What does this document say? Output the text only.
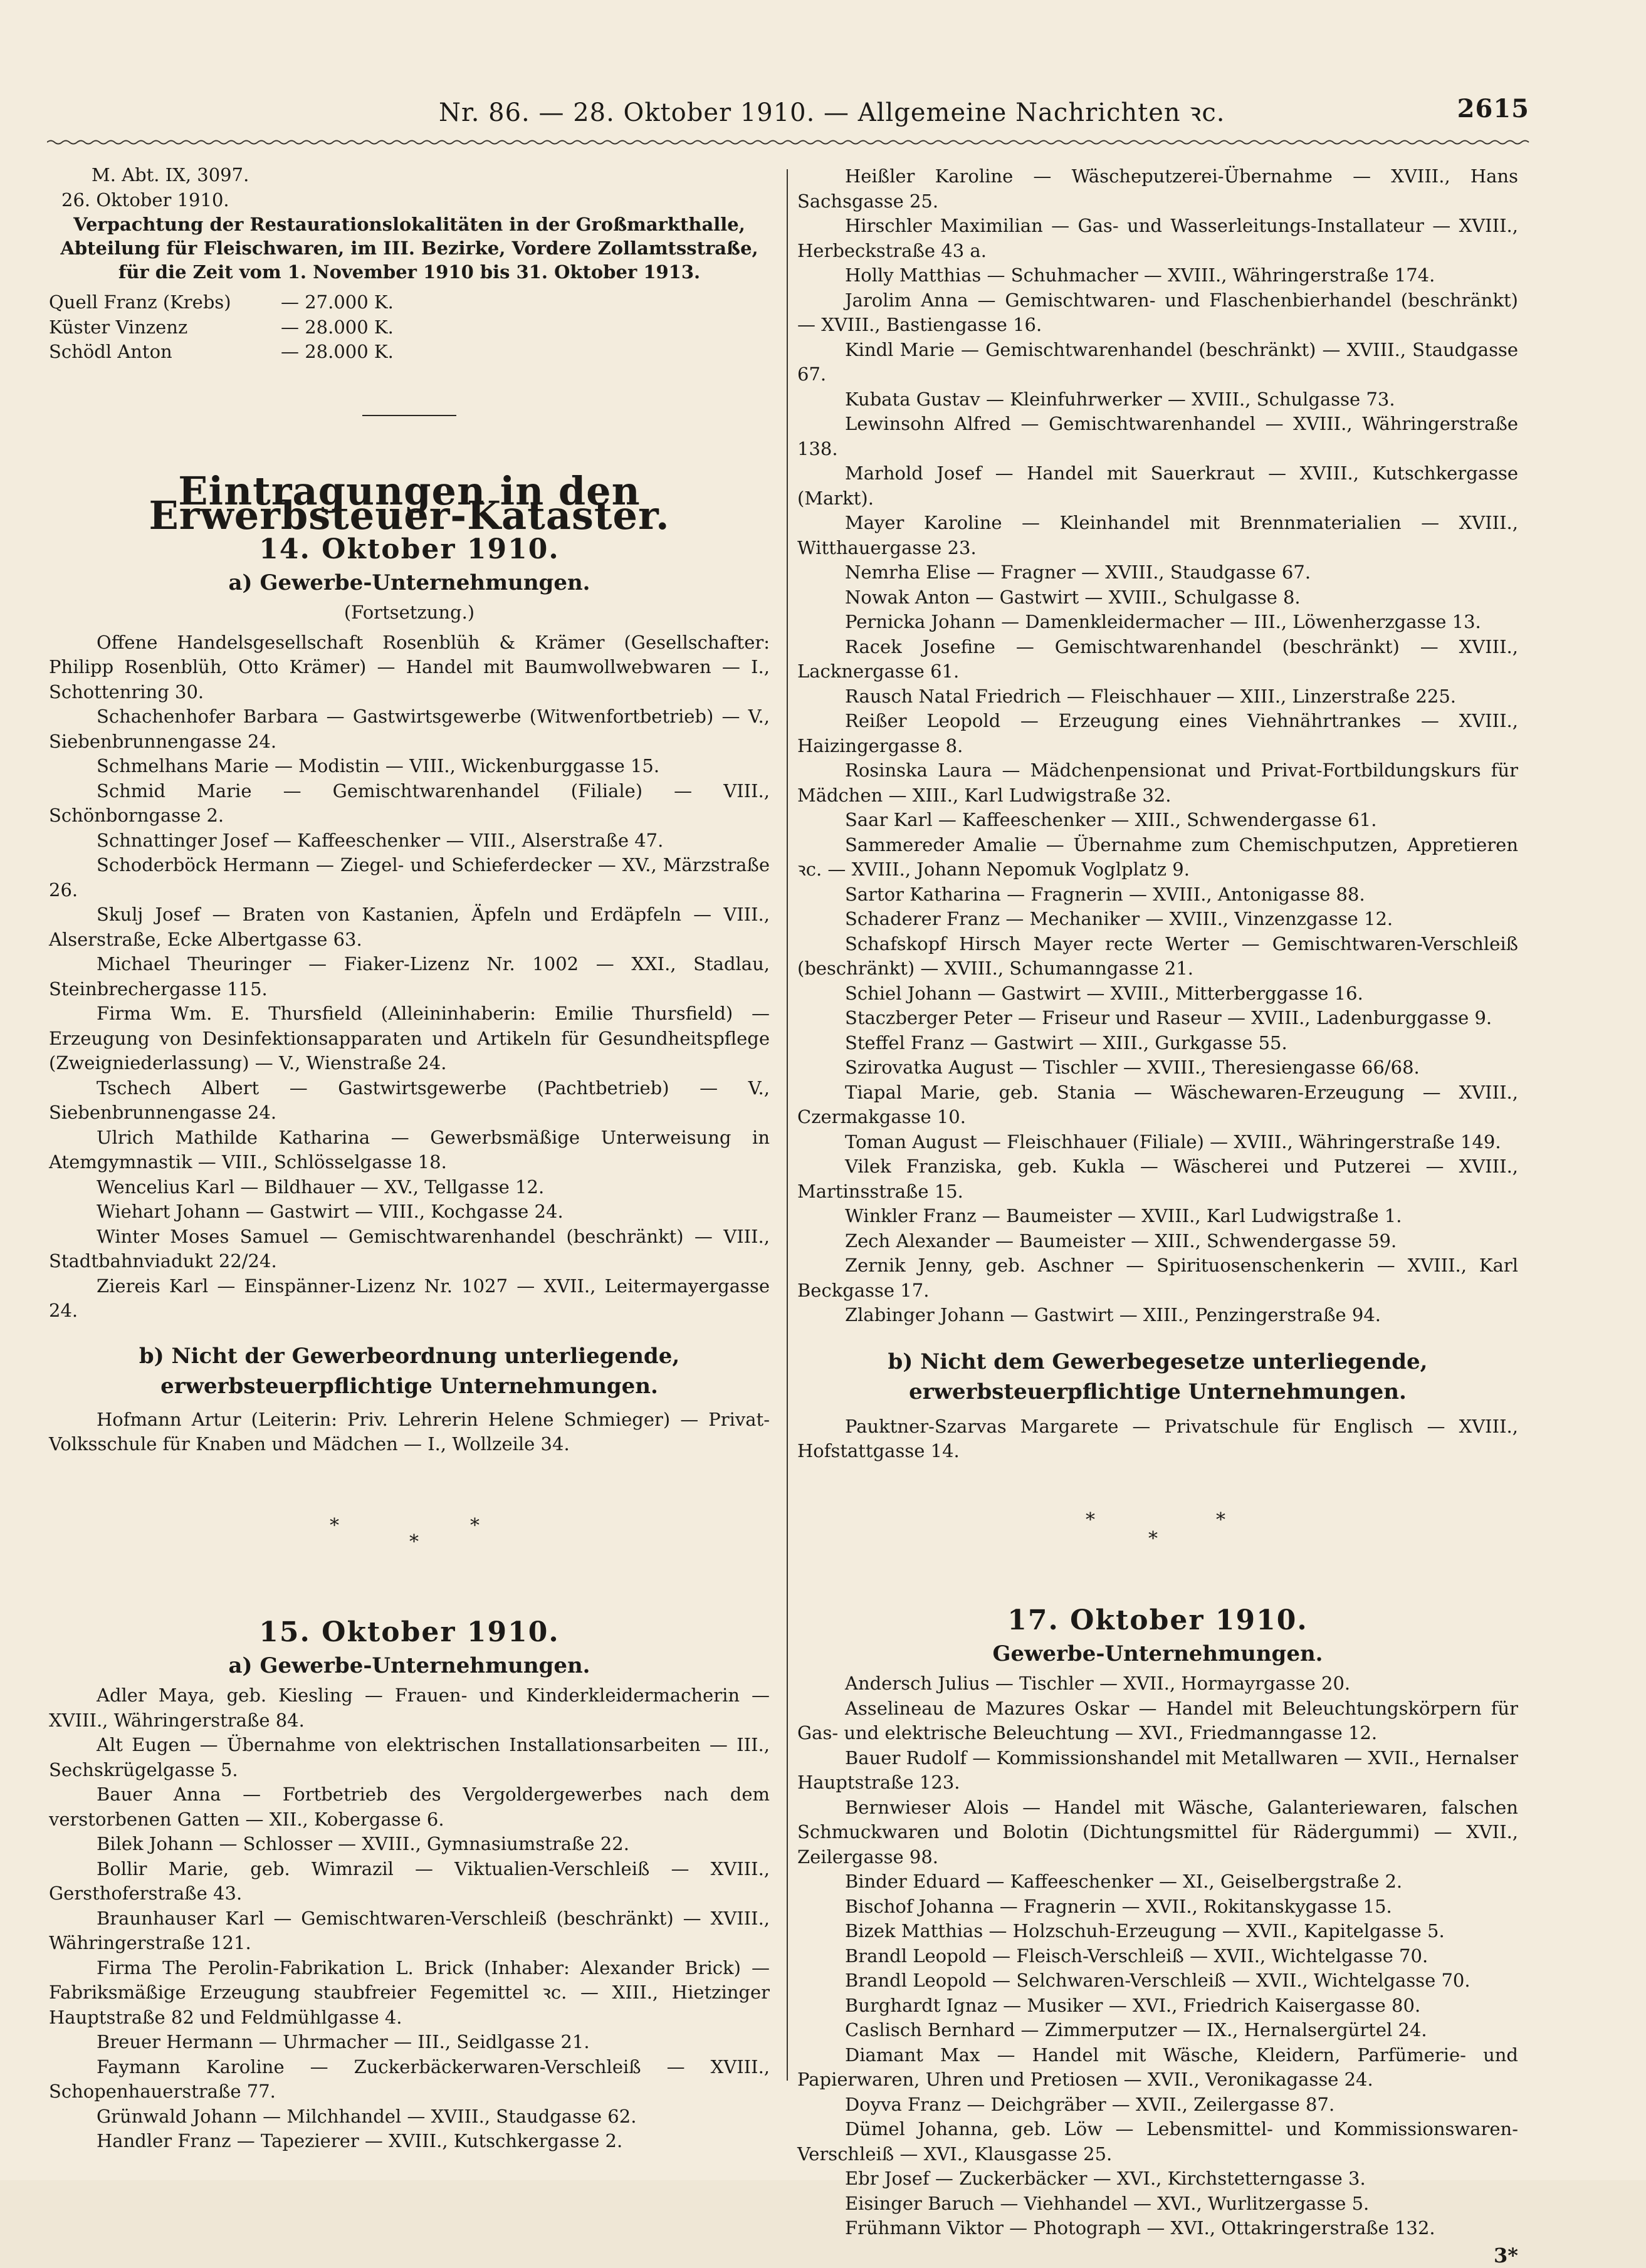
Nr. 86. — 28. Oktober 1910. — Allgemeine Nachrichten ꝛc.	2615

M. Abt. IX, 3097.

26. Oktober 1910.

Verpachtung der Restaurationslokalitäten in der Großmarkthalle, Abteilung für Fleischwaren, im III. Bezirke, Vordere Zollamtsstraße, für die Zeit vom 1. November 1910 bis 31. Oktober 1913.

Quell Franz (Krebs)	— 27.000 K.
Küster Vinzenz	— 28.000 K.
Schödl Anton	— 28.000 K.
Eintragungen in den Erwerbsteuer-Kataster.
14. Oktober 1910.
a) Gewerbe-Unternehmungen.
(Fortsetzung.)

Offene Handelsgesellschaft Rosenblüh & Krämer (Gesellschafter: Philipp Rosenblüh, Otto Krämer) — Handel mit Baumwollwebwaren — I., Schottenring 30.

Schachenhofer Barbara — Gastwirtsgewerbe (Witwenfortbetrieb) — V., Siebenbrunnengasse 24.

Schmelhans Marie — Modistin — VIII., Wickenburggasse 15.

Schmid Marie — Gemischtwarenhandel (Filiale) — VIII., Schönborngasse 2.

Schnattinger Josef — Kaffeeschenker — VIII., Alserstraße 47.

Schoderböck Hermann — Ziegel- und Schieferdecker — XV., Märzstraße 26.

Skulj Josef — Braten von Kastanien, Äpfeln und Erdäpfeln — VIII., Alserstraße, Ecke Albertgasse 63.

Michael Theuringer — Fiaker-Lizenz Nr. 1002 — XXI., Stadlau, Steinbrechergasse 115.

Firma Wm. E. Thursfield (Alleininhaberin: Emilie Thursfield) — Erzeugung von Desinfektionsapparaten und Artikeln für Gesundheitspflege (Zweigniederlassung) — V., Wienstraße 24.

Tschech Albert — Gastwirtsgewerbe (Pachtbetrieb) — V., Siebenbrunnengasse 24.

Ulrich Mathilde Katharina — Gewerbsmäßige Unterweisung in Atemgymnastik — VIII., Schlösselgasse 18.

Wencelius Karl — Bildhauer — XV., Tellgasse 12.

Wiehart Johann — Gastwirt — VIII., Kochgasse 24.

Winter Moses Samuel — Gemischtwarenhandel (beschränkt) — VIII., Stadtbahnviadukt 22/24.

Ziereis Karl — Einspänner-Lizenz Nr. 1027 — XVII., Leitermayergasse 24.

b) Nicht der Gewerbeordnung unterliegende, erwerbsteuerpflichtige Unternehmungen.

Hofmann Artur (Leiterin: Priv. Lehrerin Helene Schmieger) — Privat-Volksschule für Knaben und Mädchen — I., Wollzeile 34.

*
*
*
15. Oktober 1910.
a) Gewerbe-Unternehmungen.

Adler Maya, geb. Kiesling — Frauen- und Kinderkleidermacherin — XVIII., Währingerstraße 84.

Alt Eugen — Übernahme von elektrischen Installationsarbeiten — III., Sechskrügelgasse 5.

Bauer Anna — Fortbetrieb des Vergoldergewerbes nach dem verstorbenen Gatten — XII., Kobergasse 6.

Bilek Johann — Schlosser — XVIII., Gymnasiumstraße 22.

Bollir Marie, geb. Wimrazil — Viktualien-Verschleiß — XVIII., Gersthoferstraße 43.

Braunhauser Karl — Gemischtwaren-Verschleiß (beschränkt) — XVIII., Währingerstraße 121.

Firma The Perolin-Fabrikation L. Brick (Inhaber: Alexander Brick) — Fabriksmäßige Erzeugung staubfreier Fegemittel ꝛc. — XIII., Hietzinger Hauptstraße 82 und Feldmühlgasse 4.

Breuer Hermann — Uhrmacher — III., Seidlgasse 21.

Faymann Karoline — Zuckerbäckerwaren-Verschleiß — XVIII., Schopenhauerstraße 77.

Grünwald Johann — Milchhandel — XVIII., Staudgasse 62.

Handler Franz — Tapezierer — XVIII., Kutschkergasse 2.

Heißler Karoline — Wäscheputzerei-Übernahme — XVIII., Hans Sachsgasse 25.

Hirschler Maximilian — Gas- und Wasserleitungs-Installateur — XVIII., Herbeckstraße 43 a.

Holly Matthias — Schuhmacher — XVIII., Währingerstraße 174.

Jarolim Anna — Gemischtwaren- und Flaschenbierhandel (beschränkt) — XVIII., Bastiengasse 16.

Kindl Marie — Gemischtwarenhandel (beschränkt) — XVIII., Staudgasse 67.

Kubata Gustav — Kleinfuhrwerker — XVIII., Schulgasse 73.

Lewinsohn Alfred — Gemischtwarenhandel — XVIII., Währingerstraße 138.

Marhold Josef — Handel mit Sauerkraut — XVIII., Kutschkergasse (Markt).

Mayer Karoline — Kleinhandel mit Brennmaterialien — XVIII., Witthauergasse 23.

Nemrha Elise — Fragner — XVIII., Staudgasse 67.

Nowak Anton — Gastwirt — XVIII., Schulgasse 8.

Pernicka Johann — Damenkleidermacher — III., Löwenherzgasse 13.

Racek Josefine — Gemischtwarenhandel (beschränkt) — XVIII., Lacknergasse 61.

Rausch Natal Friedrich — Fleischhauer — XIII., Linzerstraße 225.

Reißer Leopold — Erzeugung eines Viehnährtrankes — XVIII., Haizingergasse 8.

Rosinska Laura — Mädchenpensionat und Privat-Fortbildungskurs für Mädchen — XIII., Karl Ludwigstraße 32.

Saar Karl — Kaffeeschenker — XIII., Schwendergasse 61.

Sammereder Amalie — Übernahme zum Chemischputzen, Appretieren ꝛc. — XVIII., Johann Nepomuk Voglplatz 9.

Sartor Katharina — Fragnerin — XVIII., Antonigasse 88.

Schaderer Franz — Mechaniker — XVIII., Vinzenzgasse 12.

Schafskopf Hirsch Mayer recte Werter — Gemischtwaren-Verschleiß (beschränkt) — XVIII., Schumanngasse 21.

Schiel Johann — Gastwirt — XVIII., Mitterberggasse 16.

Staczberger Peter — Friseur und Raseur — XVIII., Ladenburggasse 9.

Steffel Franz — Gastwirt — XIII., Gurkgasse 55.

Szirovatka August — Tischler — XVIII., Theresiengasse 66/68.

Tiapal Marie, geb. Stania — Wäschewaren-Erzeugung — XVIII., Czermakgasse 10.

Toman August — Fleischhauer (Filiale) — XVIII., Währingerstraße 149.

Vilek Franziska, geb. Kukla — Wäscherei und Putzerei — XVIII., Martinsstraße 15.

Winkler Franz — Baumeister — XVIII., Karl Ludwigstraße 1.

Zech Alexander — Baumeister — XIII., Schwendergasse 59.

Zernik Jenny, geb. Aschner — Spirituosenschenkerin — XVIII., Karl Beckgasse 17.

Zlabinger Johann — Gastwirt — XIII., Penzingerstraße 94.

b) Nicht dem Gewerbegesetze unterliegende, erwerbsteuerpflichtige Unternehmungen.

Pauktner-Szarvas Margarete — Privatschule für Englisch — XVIII., Hofstattgasse 14.

*
*
*
17. Oktober 1910.
Gewerbe-Unternehmungen.

Andersch Julius — Tischler — XVII., Hormayrgasse 20.

Asselineau de Mazures Oskar — Handel mit Beleuchtungskörpern für Gas- und elektrische Beleuchtung — XVI., Friedmanngasse 12.

Bauer Rudolf — Kommissionshandel mit Metallwaren — XVII., Hernalser Hauptstraße 123.

Bernwieser Alois — Handel mit Wäsche, Galanteriewaren, falschen Schmuckwaren und Bolotin (Dichtungsmittel für Rädergummi) — XVII., Zeilergasse 98.

Binder Eduard — Kaffeeschenker — XI., Geiselbergstraße 2.

Bischof Johanna — Fragnerin — XVII., Rokitanskygasse 15.

Bizek Matthias — Holzschuh-Erzeugung — XVII., Kapitelgasse 5.

Brandl Leopold — Fleisch-Verschleiß — XVII., Wichtelgasse 70.

Brandl Leopold — Selchwaren-Verschleiß — XVII., Wichtelgasse 70.

Burghardt Ignaz — Musiker — XVI., Friedrich Kaisergasse 80.

Caslisch Bernhard — Zimmerputzer — IX., Hernalsergürtel 24.

Diamant Max — Handel mit Wäsche, Kleidern, Parfümerie- und Papierwaren, Uhren und Pretiosen — XVII., Veronikagasse 24.

Doyva Franz — Deichgräber — XVII., Zeilergasse 87.

Dümel Johanna, geb. Löw — Lebensmittel- und Kommissionswaren-Verschleiß — XVI., Klausgasse 25.

Ebr Josef — Zuckerbäcker — XVI., Kirchstetterngasse 3.

Eisinger Baruch — Viehhandel — XVI., Wurlitzergasse 5.

Frühmann Viktor — Photograph — XVI., Ottakringerstraße 132.

3*
